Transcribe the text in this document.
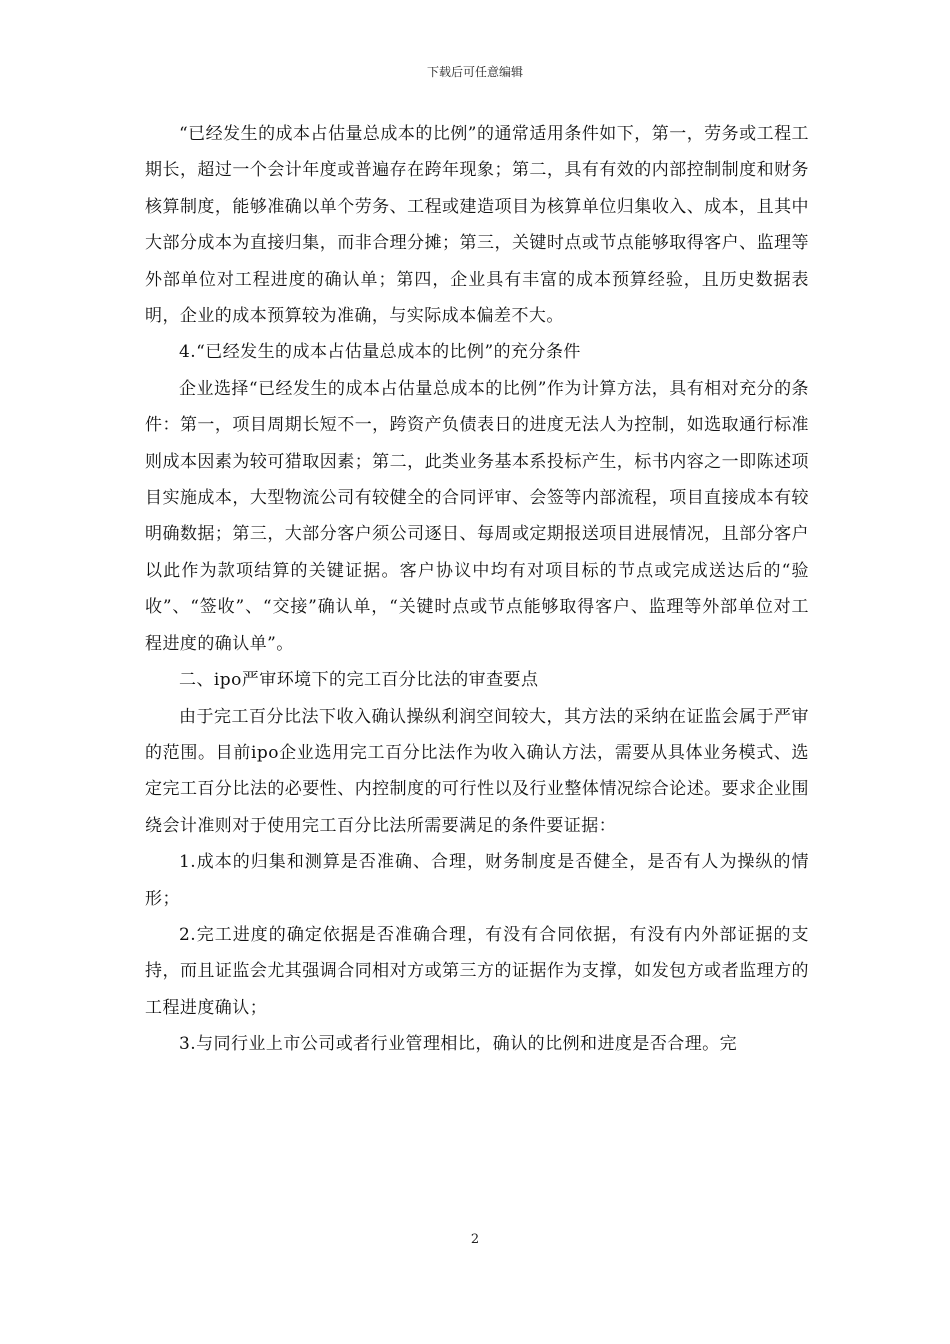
下载后可任意编辑

“已经发生的成本占估量总成本的比例”的通常适用条件如下，第一，劳务或工程工期长，超过一个会计年度或普遍存在跨年现象；第二，具有有效的内部控制制度和财务核算制度，能够准确以单个劳务、工程或建造项目为核算单位归集收入、成本，且其中大部分成本为直接归集，而非合理分摊；第三，关键时点或节点能够取得客户、监理等外部单位对工程进度的确认单；第四，企业具有丰富的成本预算经验，且历史数据表明，企业的成本预算较为准确，与实际成本偏差不大。

4.“已经发生的成本占估量总成本的比例”的充分条件

企业选择“已经发生的成本占估量总成本的比例”作为计算方法，具有相对充分的条件：第一，项目周期长短不一，跨资产负债表日的进度无法人为控制，如选取通行标准则成本因素为较可猎取因素；第二，此类业务基本系投标产生，标书内容之一即陈述项目实施成本，大型物流公司有较健全的合同评审、会签等内部流程，项目直接成本有较明确数据；第三，大部分客户须公司逐日、每周或定期报送项目进展情况，且部分客户以此作为款项结算的关键证据。客户协议中均有对项目标的节点或完成送达后的“验收”、“签收”、“交接”确认单，“关键时点或节点能够取得客户、监理等外部单位对工程进度的确认单”。

二、ipo严审环境下的完工百分比法的审查要点

由于完工百分比法下收入确认操纵利润空间较大，其方法的采纳在证监会属于严审的范围。目前ipo企业选用完工百分比法作为收入确认方法，需要从具体业务模式、选定完工百分比法的必要性、内控制度的可行性以及行业整体情况综合论述。要求企业围绕会计准则对于使用完工百分比法所需要满足的条件要证据：

1.成本的归集和测算是否准确、合理，财务制度是否健全，是否有人为操纵的情形；

2.完工进度的确定依据是否准确合理，有没有合同依据，有没有内外部证据的支持，而且证监会尤其强调合同相对方或第三方的证据作为支撑，如发包方或者监理方的工程进度确认；

3.与同行业上市公司或者行业管理相比，确认的比例和进度是否合理。完

2
